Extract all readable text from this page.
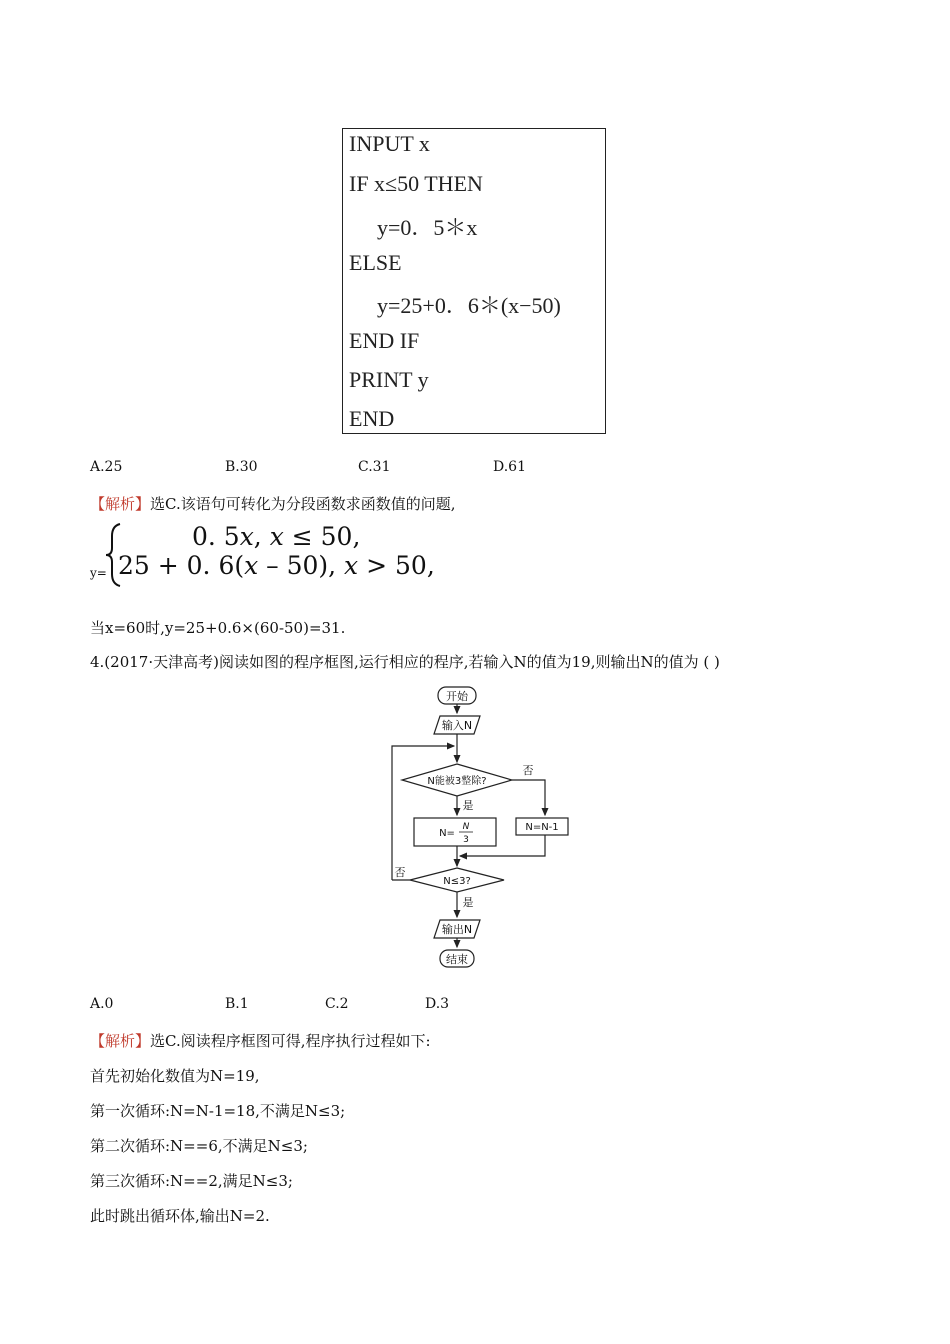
INPUT x
IF x≤50 THEN
y=0．5＊x
ELSE
y=25+0．6＊(x−50)
END IF
PRINT y
END
A.25	B.30	C.31	D.61
【解析】选C.该语句可转化为分段函数求函数值的问题,
y=
0. 5𝑥, 𝑥 ≤ 50,
25 + 0. 6(𝑥 – 50), 𝑥 > 50,
当x=60时,y=25+0.6×(60-50)=31.
4.(2017·天津高考)阅读如图的程序框图,运行相应的程序,若输入N的值为19,则输出N的值为 ( )
开始
输入N
N能被3整除?
否
是
N=
N
3
N=N-1
N≤3?
否
是
输出N
结束
A.0	B.1	C.2	D.3
【解析】选C.阅读程序框图可得,程序执行过程如下:
首先初始化数值为N=19,
第一次循环:N=N-1=18,不满足N≤3;
第二次循环:N==6,不满足N≤3;
第三次循环:N==2,满足N≤3;
此时跳出循环体,输出N=2.
